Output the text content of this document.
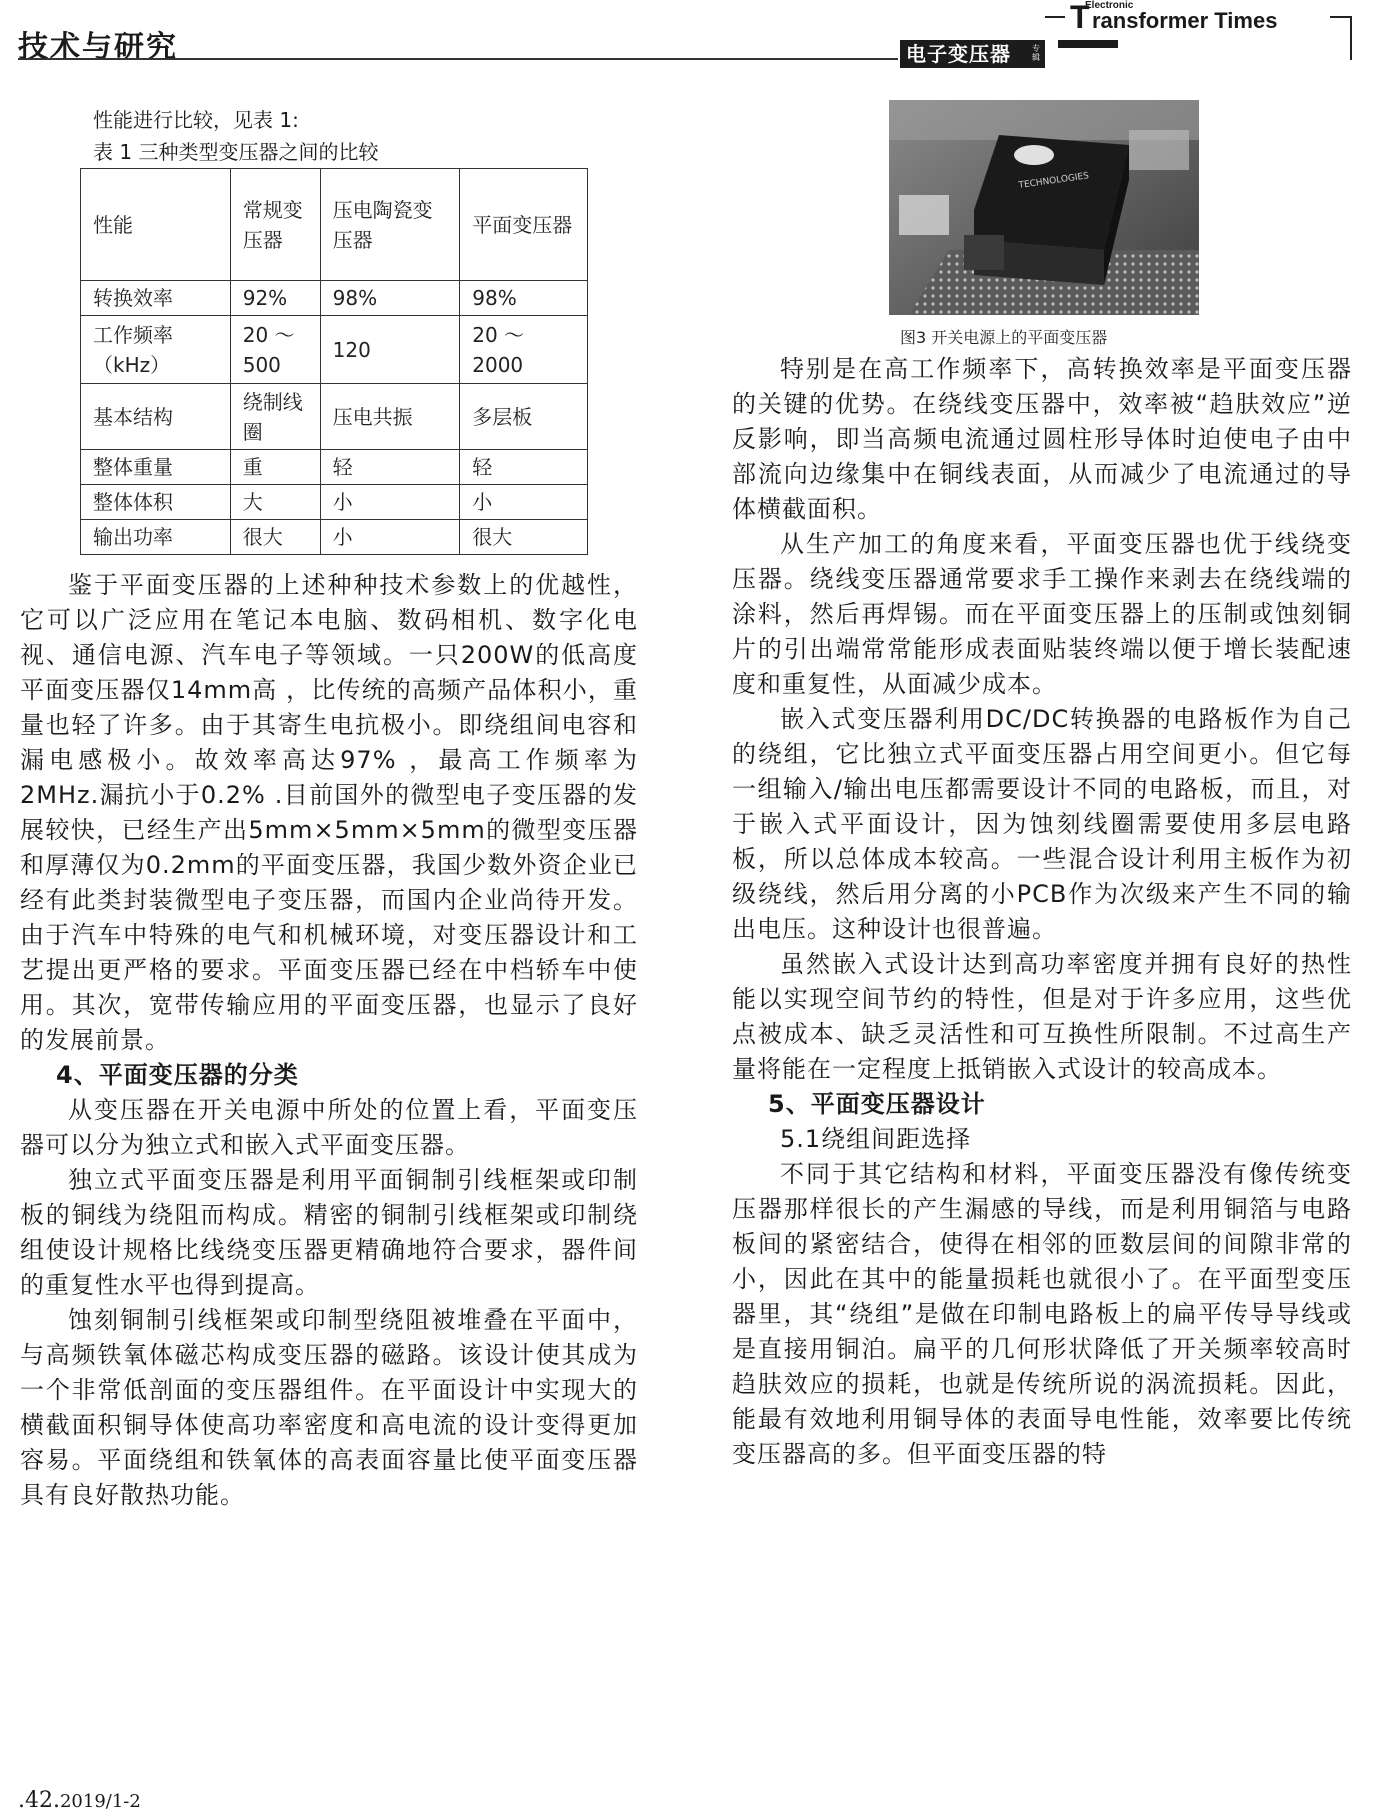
技术与研究
Electronic
T ransformer Times
电子变压器	专辑
性能进行比较，见表 1:
表 1 三种类型变压器之间的比较
性能	常规变压器	压电陶瓷变压器	平面变压器
转换效率	92%	98%	98%
工作频率（kHz）	20 ～ 500	120	20 ～ 2000
基本结构	绕制线圈	压电共振	多层板
整体重量	重	轻	轻
整体体积	大	小	小
输出功率	很大	小	很大
TECHNOLOGIES
图3 开关电源上的平面变压器

鉴于平面变压器的上述种种技术参数上的优越性，它可以广泛应用在笔记本电脑、数码相机、数字化电视、通信电源、汽车电子等领域。一只200W的低高度平面变压器仅14mm高 ，比传统的高频产品体积小，重量也轻了许多。由于其寄生电抗极小。即绕组间电容和漏电感极小。故效率高达97% ，最高工作频率为2MHz.漏抗小于0.2% .目前国外的微型电子变压器的发展较快，已经生产出5mm×5mm×5mm的微型变压器和厚薄仅为0.2mm的平面变压器，我国少数外资企业已经有此类封装微型电子变压器，而国内企业尚待开发。由于汽车中特殊的电气和机械环境，对变压器设计和工艺提出更严格的要求。平面变压器已经在中档轿车中使用。其次，宽带传输应用的平面变压器，也显示了良好的发展前景。

4、平面变压器的分类

从变压器在开关电源中所处的位置上看，平面变压器可以分为独立式和嵌入式平面变压器。

独立式平面变压器是利用平面铜制引线框架或印制板的铜线为绕阻而构成。精密的铜制引线框架或印制绕组使设计规格比线绕变压器更精确地符合要求，器件间的重复性水平也得到提高。

蚀刻铜制引线框架或印制型绕阻被堆叠在平面中，与高频铁氧体磁芯构成变压器的磁路。该设计使其成为一个非常低剖面的变压器组件。在平面设计中实现大的横截面积铜导体使高功率密度和高电流的设计变得更加容易。平面绕组和铁氧体的高表面容量比使平面变压器具有良好散热功能。

特别是在高工作频率下，高转换效率是平面变压器的关键的优势。在绕线变压器中，效率被“趋肤效应”逆反影响，即当高频电流通过圆柱形导体时迫使电子由中部流向边缘集中在铜线表面，从而减少了电流通过的导体横截面积。

从生产加工的角度来看，平面变压器也优于线绕变压器。绕线变压器通常要求手工操作来剥去在绕线端的涂料，然后再焊锡。而在平面变压器上的压制或蚀刻铜片的引出端常常能形成表面贴装终端以便于增长装配速度和重复性，从面减少成本。

嵌入式变压器利用DC/DC转换器的电路板作为自己的绕组，它比独立式平面变压器占用空间更小。但它每一组输入/输出电压都需要设计不同的电路板，而且，对于嵌入式平面设计，因为蚀刻线圈需要使用多层电路板，所以总体成本较高。一些混合设计利用主板作为初级绕线，然后用分离的小PCB作为次级来产生不同的输出电压。这种设计也很普遍。

虽然嵌入式设计达到高功率密度并拥有良好的热性能以实现空间节约的特性，但是对于许多应用，这些优点被成本、缺乏灵活性和可互换性所限制。不过高生产量将能在一定程度上抵销嵌入式设计的较高成本。

5、平面变压器设计
5.1绕组间距选择

不同于其它结构和材料，平面变压器没有像传统变压器那样很长的产生漏感的导线，而是利用铜箔与电路板间的紧密结合，使得在相邻的匝数层间的间隙非常的小，因此在其中的能量损耗也就很小了。在平面型变压器里，其“绕组”是做在印制电路板上的扁平传导导线或是直接用铜泊。扁平的几何形状降低了开关频率较高时趋肤效应的损耗，也就是传统所说的涡流损耗。因此，能最有效地利用铜导体的表面导电性能，效率要比传统变压器高的多。但平面变压器的特

.42.2019/1-2
